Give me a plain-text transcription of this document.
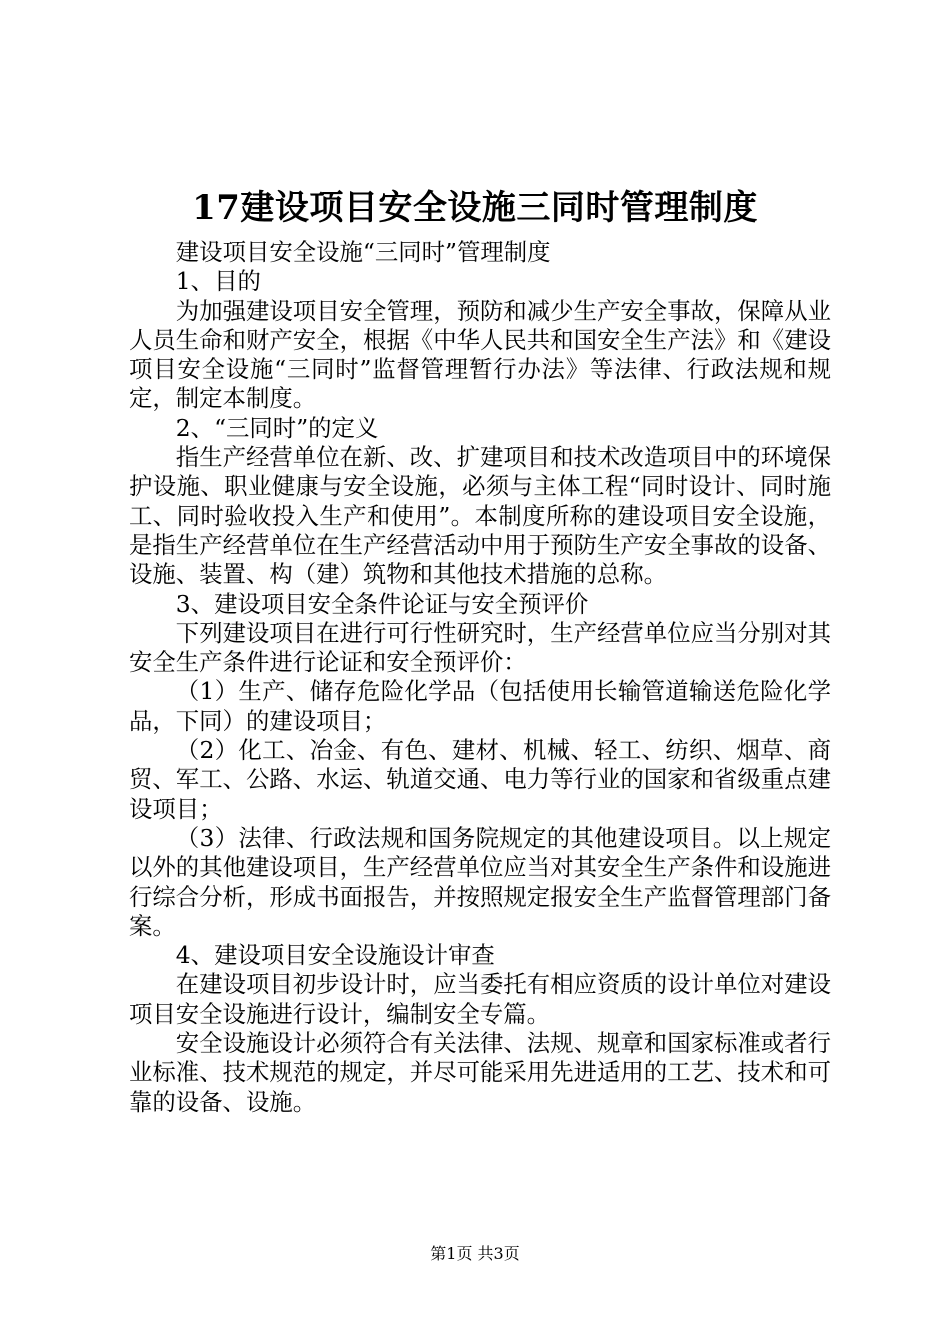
17建设项目安全设施三同时管理制度

建设项目安全设施“三同时”管理制度

1、目的

为加强建设项目安全管理，预防和减少生产安全事故，保障从业人员生命和财产安全，根据《中华人民共和国安全生产法》和《建设项目安全设施“三同时”监督管理暂行办法》等法律、行政法规和规定，制定本制度。

2、“三同时”的定义

指生产经营单位在新、改、扩建项目和技术改造项目中的环境保护设施、职业健康与安全设施，必须与主体工程“同时设计、同时施工、同时验收投入生产和使用”。本制度所称的建设项目安全设施，是指生产经营单位在生产经营活动中用于预防生产安全事故的设备、设施、装置、构（建）筑物和其他技术措施的总称。

3、建设项目安全条件论证与安全预评价

下列建设项目在进行可行性研究时，生产经营单位应当分别对其安全生产条件进行论证和安全预评价：

（1）生产、储存危险化学品（包括使用长输管道输送危险化学品，下同）的建设项目；

（2）化工、冶金、有色、建材、机械、轻工、纺织、烟草、商贸、军工、公路、水运、轨道交通、电力等行业的国家和省级重点建设项目；

（3）法律、行政法规和国务院规定的其他建设项目。以上规定以外的其他建设项目，生产经营单位应当对其安全生产条件和设施进行综合分析，形成书面报告，并按照规定报安全生产监督管理部门备案。

4、建设项目安全设施设计审查

在建设项目初步设计时，应当委托有相应资质的设计单位对建设项目安全设施进行设计，编制安全专篇。

安全设施设计必须符合有关法律、法规、规章和国家标准或者行业标准、技术规范的规定，并尽可能采用先进适用的工艺、技术和可靠的设备、设施。

第1页 共3页
